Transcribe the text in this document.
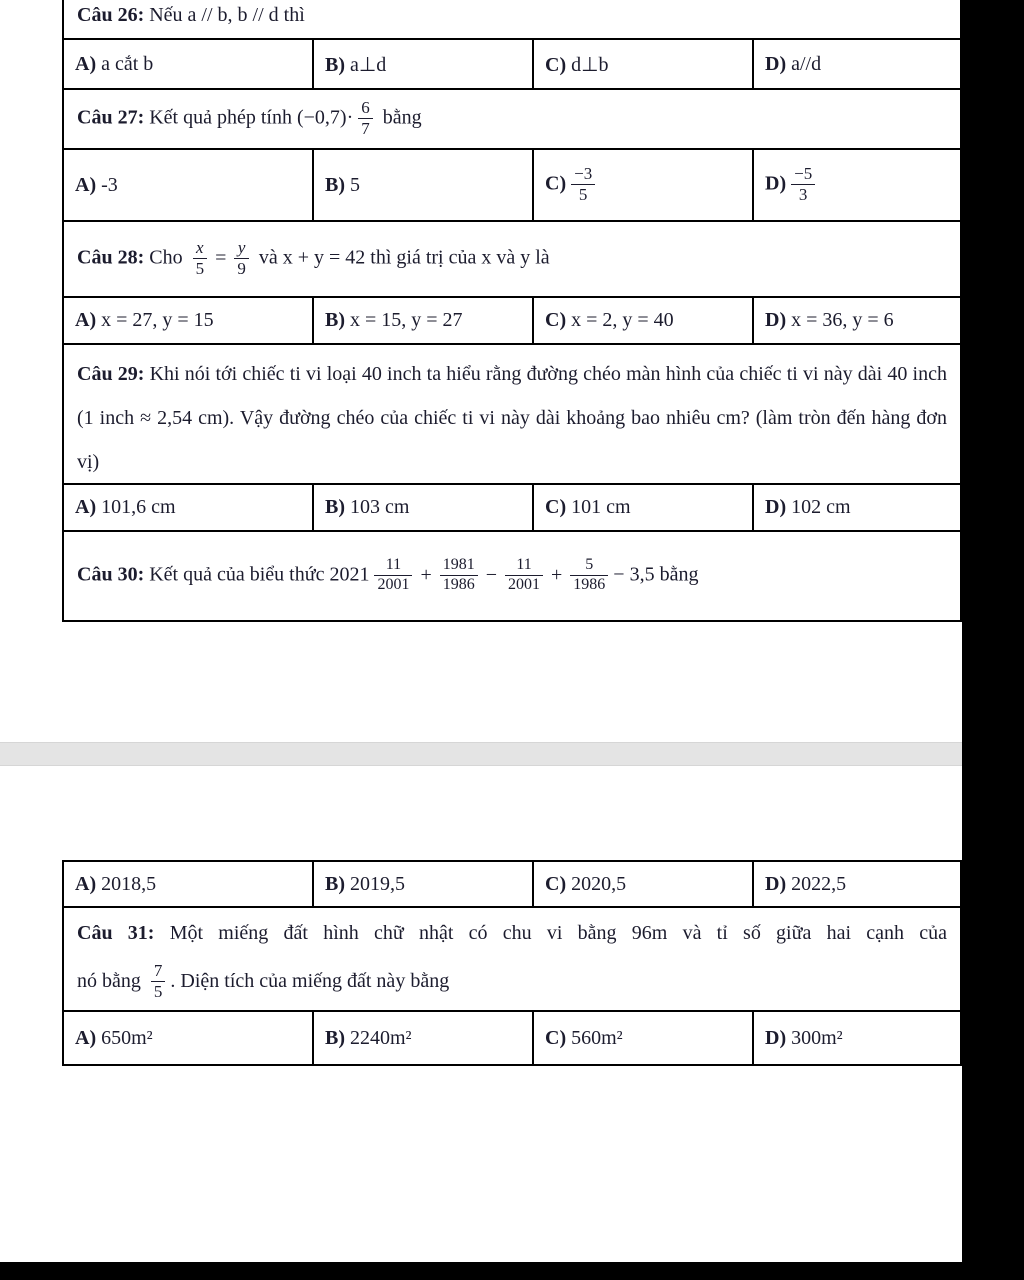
Câu 26: Nếu a // b, b // d thì

A) a cắt b	B) a⊥d	C) d⊥b	D) a//d

Câu 27: Kết quả phép tính $(-0,7)\cdot \frac{6}{7}$ bằng

A) -3	B) 5	$C) \frac{-3}{5}$	$D) \frac{-5}{3}$

Câu 28: Cho $\frac{x}{5} = \frac{y}{9}$ và x + y = 42 thì giá trị của x và y là

A) x = 27, y = 15	B) x = 15, y = 27	C) x = 2, y = 40	D) x = 36, y = 6

Câu 29: Khi nói tới chiếc ti vi loại 40 inch ta hiểu rằng đường chéo màn hình của chiếc ti vi này dài 40 inch (1 inch ≈ 2,54 cm). Vậy đường chéo của chiếc ti vi này dài khoảng bao nhiêu cm? (làm tròn đến hàng đơn vị)

A) 101,6 cm	B) 103 cm	C) 101 cm	D) 102 cm

Câu 30: Kết quả của biểu thức $2021 \frac{11}{2001} + \frac{1981}{1986} - \frac{11}{2001} + \frac{5}{1986} - 3,5$ bằng

A) 2018,5	B) 2019,5	C) 2020,5	D) 2022,5

Câu 31: Một miếng đất hình chữ nhật có chu vi bằng 96m và tỉ số giữa hai cạnh của

nó bằng $\frac{7}{5}$ . Diện tích của miếng đất này bằng

A) 650m²	B) 2240m²	C) 560m²	D) 300m²
